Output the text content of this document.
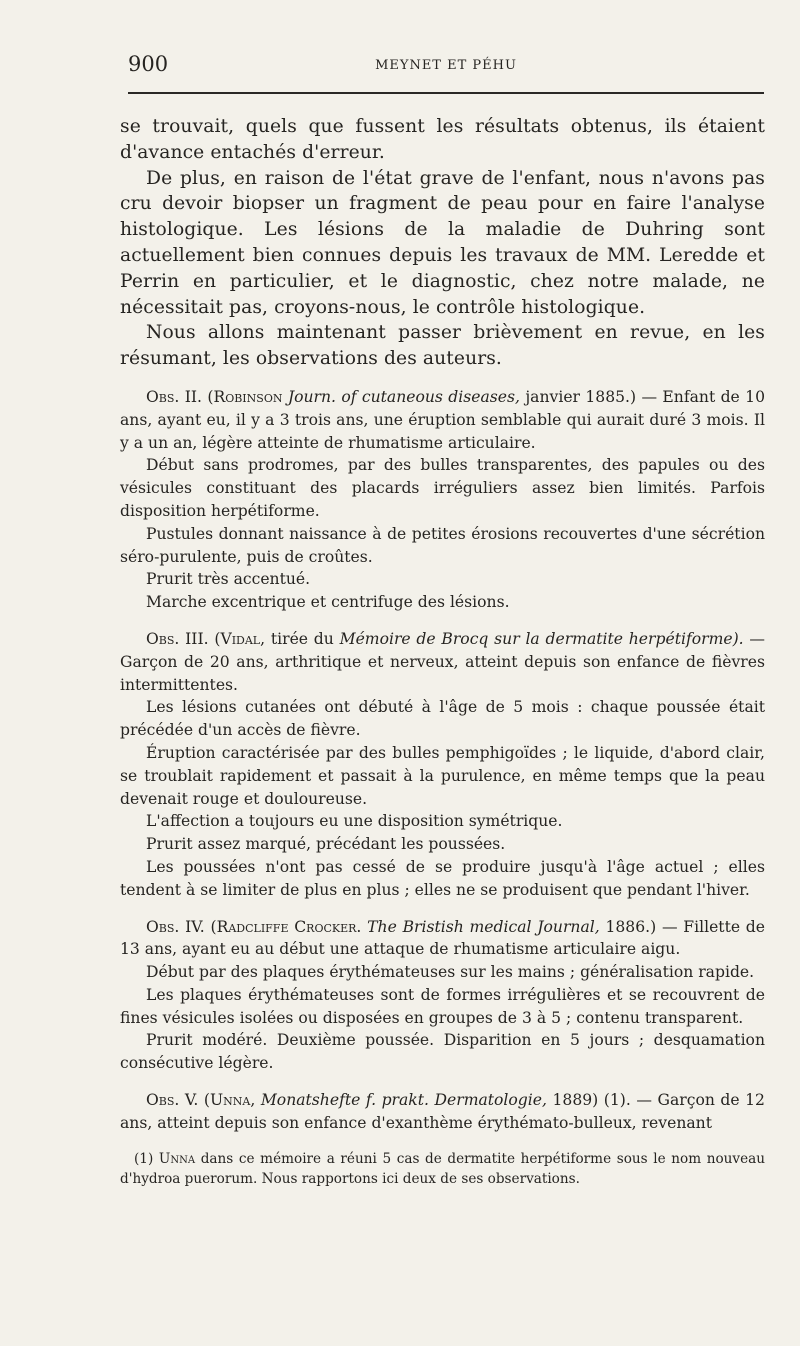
900	MEYNET ET PÉHU

se trouvait, quels que fussent les résultats obtenus, ils étaient d'avance entachés d'erreur.

De plus, en raison de l'état grave de l'enfant, nous n'avons pas cru devoir biopser un fragment de peau pour en faire l'analyse histologique. Les lésions de la maladie de Duhring sont actuellement bien connues depuis les travaux de MM. Leredde et Perrin en particulier, et le diagnostic, chez notre malade, ne nécessitait pas, croyons-nous, le contrôle histologique.

Nous allons maintenant passer brièvement en revue, en les résumant, les observations des auteurs.

Obs. II. (Robinson Journ. of cutaneous diseases, janvier 1885.) — Enfant de 10 ans, ayant eu, il y a 3 trois ans, une éruption semblable qui aurait duré 3 mois. Il y a un an, légère atteinte de rhumatisme articulaire.

Début sans prodromes, par des bulles transparentes, des papules ou des vésicules constituant des placards irréguliers assez bien limités. Parfois disposition herpétiforme.

Pustules donnant naissance à de petites érosions recouvertes d'une sécrétion séro-purulente, puis de croûtes.

Prurit très accentué.

Marche excentrique et centrifuge des lésions.

Obs. III. (Vidal, tirée du Mémoire de Brocq sur la dermatite herpétiforme). — Garçon de 20 ans, arthritique et nerveux, atteint depuis son enfance de fièvres intermittentes.

Les lésions cutanées ont débuté à l'âge de 5 mois : chaque poussée était précédée d'un accès de fièvre.

Éruption caractérisée par des bulles pemphigoïdes ; le liquide, d'abord clair, se troublait rapidement et passait à la purulence, en même temps que la peau devenait rouge et douloureuse.

L'affection a toujours eu une disposition symétrique.

Prurit assez marqué, précédant les poussées.

Les poussées n'ont pas cessé de se produire jusqu'à l'âge actuel ; elles tendent à se limiter de plus en plus ; elles ne se produisent que pendant l'hiver.

Obs. IV. (Radcliffe Crocker. The Bristish medical Journal, 1886.) — Fillette de 13 ans, ayant eu au début une attaque de rhumatisme articulaire aigu.

Début par des plaques érythémateuses sur les mains ; généralisation rapide.

Les plaques érythémateuses sont de formes irrégulières et se recouvrent de fines vésicules isolées ou disposées en groupes de 3 à 5 ; contenu transparent.

Prurit modéré. Deuxième poussée. Disparition en 5 jours ; desquamation consécutive légère.

Obs. V. (Unna, Monatshefte f. prakt. Dermatologie, 1889) (1). — Garçon de 12 ans, atteint depuis son enfance d'exanthème érythémato-bulleux, revenant

(1) Unna dans ce mémoire a réuni 5 cas de dermatite herpétiforme sous le nom nouveau d'hydroa puerorum. Nous rapportons ici deux de ses observations.
